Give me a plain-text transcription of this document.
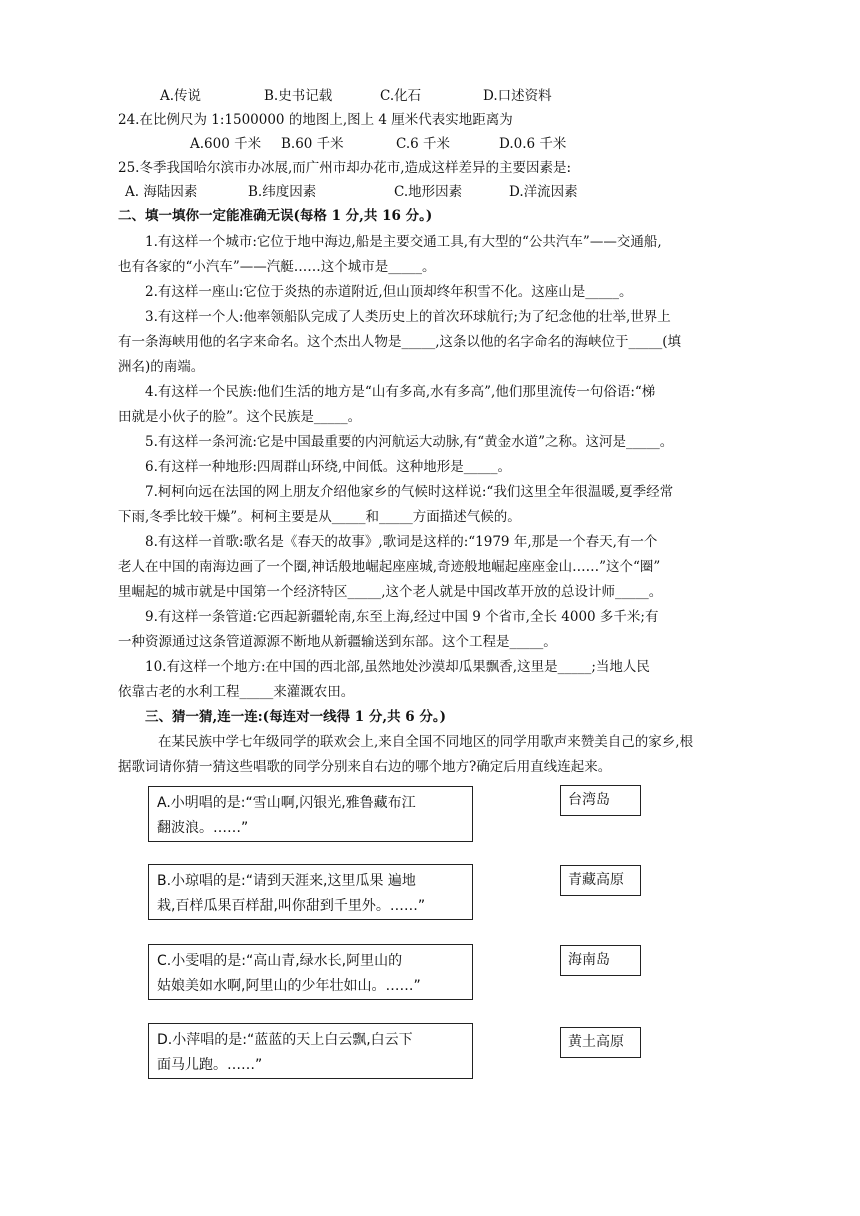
A.传说	B.史书记载	C.化石	D.口述资料
24.在比例尺为 1:1500000 的地图上,图上 4 厘米代表实地距离为
A.600 千米 B.60 千米	C.6 千米	D.0.6 千米
25.冬季我国哈尔滨市办冰展,而广州市却办花市,造成这样差异的主要因素是:
A. 海陆因素	B.纬度因素	C.地形因素	D.洋流因素
二、填一填你一定能准确无误(每格 1 分,共 16 分。)
1.有这样一个城市:它位于地中海边,船是主要交通工具,有大型的“公共汽车”——交通船,
也有各家的“小汽车”——汽艇……这个城市是_____。
2.有这样一座山:它位于炎热的赤道附近,但山顶却终年积雪不化。这座山是_____。
3.有这样一个人:他率领船队完成了人类历史上的首次环球航行;为了纪念他的壮举,世界上
有一条海峡用他的名字来命名。这个杰出人物是_____,这条以他的名字命名的海峡位于_____(填
洲名)的南端。
4.有这样一个民族:他们生活的地方是“山有多高,水有多高”,他们那里流传一句俗语:“梯
田就是小伙子的脸”。这个民族是_____。
5.有这样一条河流:它是中国最重要的内河航运大动脉,有“黄金水道”之称。这河是_____。
6.有这样一种地形:四周群山环绕,中间低。这种地形是_____。
7.柯柯向远在法国的网上朋友介绍他家乡的气候时这样说:“我们这里全年很温暖,夏季经常
下雨,冬季比较干燥”。柯柯主要是从_____和_____方面描述气候的。
8.有这样一首歌:歌名是《春天的故事》,歌词是这样的:“1979 年,那是一个春天,有一个
老人在中国的南海边画了一个圈,神话般地崛起座座城,奇迹般地崛起座座金山……”这个“圈”
里崛起的城市就是中国第一个经济特区_____,这个老人就是中国改革开放的总设计师_____。
9.有这样一条管道:它西起新疆轮南,东至上海,经过中国 9 个省市,全长 4000 多千米;有
一种资源通过这条管道源源不断地从新疆输送到东部。这个工程是_____。
10.有这样一个地方:在中国的西北部,虽然地处沙漠却瓜果飘香,这里是_____;当地人民
依靠古老的水利工程_____来灌溉农田。
三、猜一猜,连一连:(每连对一线得 1 分,共 6 分。)
在某民族中学七年级同学的联欢会上,来自全国不同地区的同学用歌声来赞美自己的家乡,根
据歌词请你猜一猜这些唱歌的同学分别来自右边的哪个地方?确定后用直线连起来。
A.小明唱的是:“雪山啊,闪银光,雅鲁藏布江
翻波浪。……”
B.小琼唱的是:“请到天涯来,这里瓜果 遍地
栽,百样瓜果百样甜,叫你甜到千里外。……”
C.小雯唱的是:“高山青,绿水长,阿里山的
姑娘美如水啊,阿里山的少年壮如山。……”
D.小萍唱的是:“蓝蓝的天上白云飘,白云下
面马儿跑。……”
台湾岛
青藏高原
海南岛
黄土高原
